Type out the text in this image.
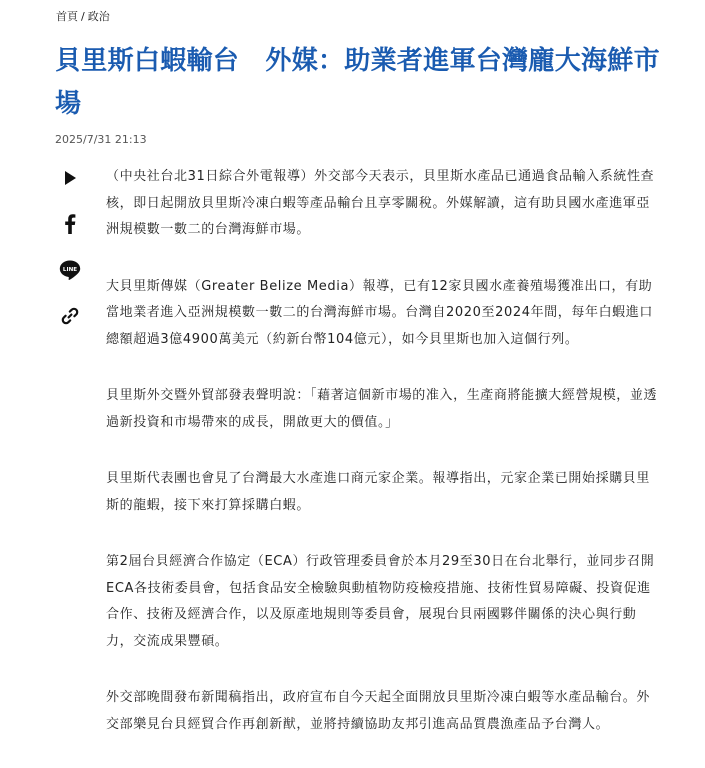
首頁 / 政治
貝里斯白蝦輸台　外媒：助業者進軍台灣龐大海鮮市場
2025/7/31 21:13
LINE

（中央社台北31日綜合外電報導）外交部今天表示，貝里斯水產品已通過食品輸入系統性查核，即日起開放貝里斯冷凍白蝦等產品輸台且享零關稅。外媒解讀，這有助貝國水產進軍亞洲規模數一數二的台灣海鮮市場。

大貝里斯傳媒（Greater Belize Media）報導，已有12家貝國水產養殖場獲准出口，有助當地業者進入亞洲規模數一數二的台灣海鮮市場。台灣自2020至2024年間，每年白蝦進口總額超過3億4900萬美元（約新台幣104億元），如今貝里斯也加入這個行列。

貝里斯外交暨外貿部發表聲明說：「藉著這個新市場的准入，生產商將能擴大經營規模，並透過新投資和市場帶來的成長，開啟更大的價值。」

貝里斯代表團也會見了台灣最大水產進口商元家企業。報導指出，元家企業已開始採購貝里斯的龍蝦，接下來打算採購白蝦。

第2屆台貝經濟合作協定（ECA）行政管理委員會於本月29至30日在台北舉行，並同步召開ECA各技術委員會，包括食品安全檢驗與動植物防疫檢疫措施、技術性貿易障礙、投資促進合作、技術及經濟合作，以及原產地規則等委員會，展現台貝兩國夥伴關係的決心與行動力，交流成果豐碩。

外交部晚間發布新聞稿指出，政府宣布自今天起全面開放貝里斯冷凍白蝦等水產品輸台。外交部樂見台貝經貿合作再創新猷，並將持續協助友邦引進高品質農漁產品予台灣人。
